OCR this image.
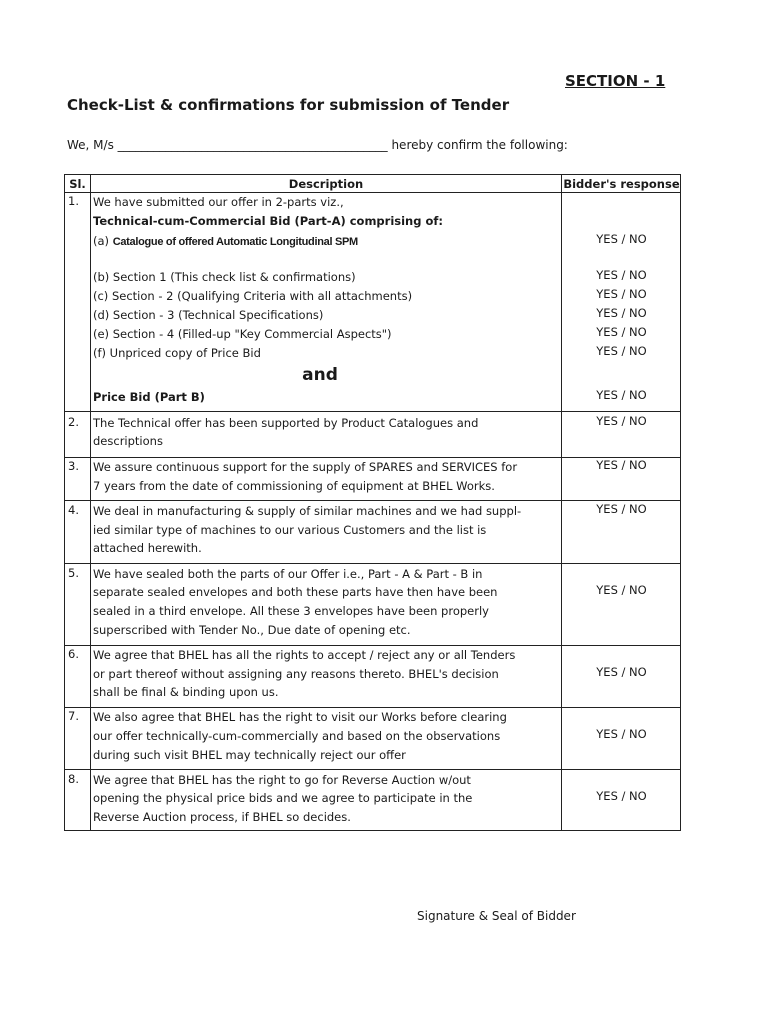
SECTION - 1
Check-List & confirmations for submission of Tender
We, M/s _____________________________________________ hereby confirm the following:
Sl.	Description	Bidder's response
1. We have submitted our offer in 2-parts viz.,
Technical-cum-Commercial Bid (Part-A) comprising of:
(a) Catalogue of offered Automatic Longitudinal SPM
(b) Section 1 (This check list & confirmations)
(c) Section - 2 (Qualifying Criteria with all attachments)
(d) Section - 3 (Technical Specifications)
(e) Section - 4 (Filled-up "Key Commercial Aspects")
(f) Unpriced copy of Price Bid
and
Price Bid (Part B)
YES / NO
YES / NO
YES / NO
YES / NO
YES / NO
YES / NO
YES / NO
2. The Technical offer has been supported by Product Catalogues and
descriptions
YES / NO
3. We assure continuous support for the supply of SPARES and SERVICES for
7 years from the date of commissioning of equipment at BHEL Works.
YES / NO
4. We deal in manufacturing & supply of similar machines and we had suppl-
ied similar type of machines to our various Customers and the list is
attached herewith.
YES / NO
5. We have sealed both the parts of our Offer i.e., Part - A & Part - B in
separate sealed envelopes and both these parts have then have been
sealed in a third envelope. All these 3 envelopes have been properly
superscribed with Tender No., Due date of opening etc.
YES / NO
6. We agree that BHEL has all the rights to accept / reject any or all Tenders
or part thereof without assigning any reasons thereto. BHEL's decision
shall be final & binding upon us.
YES / NO
7. We also agree that BHEL has the right to visit our Works before clearing
our offer technically-cum-commercially and based on the observations
during such visit BHEL may technically reject our offer
YES / NO
8. We agree that BHEL has the right to go for Reverse Auction w/out
opening the physical price bids and we agree to participate in the
Reverse Auction process, if BHEL so decides.
YES / NO
Signature & Seal of Bidder
